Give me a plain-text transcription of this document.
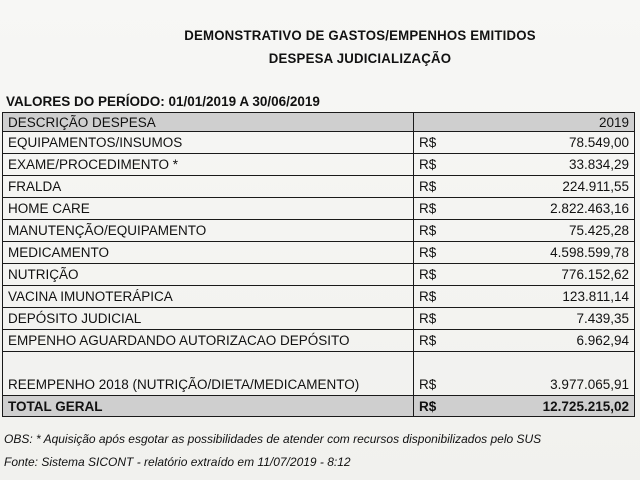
DEMONSTRATIVO DE GASTOS/EMPENHOS EMITIDOS
DESPESA JUDICIALIZAÇÃO
VALORES DO PERÍODO: 01/01/2019 A 30/06/2019
DESCRIÇÃO DESPESA		2019
EQUIPAMENTOS/INSUMOS	R$	78.549,00
EXAME/PROCEDIMENTO *	R$	33.834,29
FRALDA	R$	224.911,55
HOME CARE	R$	2.822.463,16
MANUTENÇÃO/EQUIPAMENTO	R$	75.425,28
MEDICAMENTO	R$	4.598.599,78
NUTRIÇÃO	R$	776.152,62
VACINA IMUNOTERÁPICA	R$	123.811,14
DEPÓSITO JUDICIAL	R$	7.439,35
EMPENHO AGUARDANDO AUTORIZACAO DEPÓSITO	R$	6.962,94
REEMPENHO 2018 (NUTRIÇÃO/DIETA/MEDICAMENTO)	R$	3.977.065,91
TOTAL GERAL	R$	12.725.215,02
OBS: * Aquisição após esgotar as possibilidades de atender com recursos disponibilizados pelo SUS
Fonte: Sistema SICONT - relatório extraído em 11/07/2019 - 8:12
